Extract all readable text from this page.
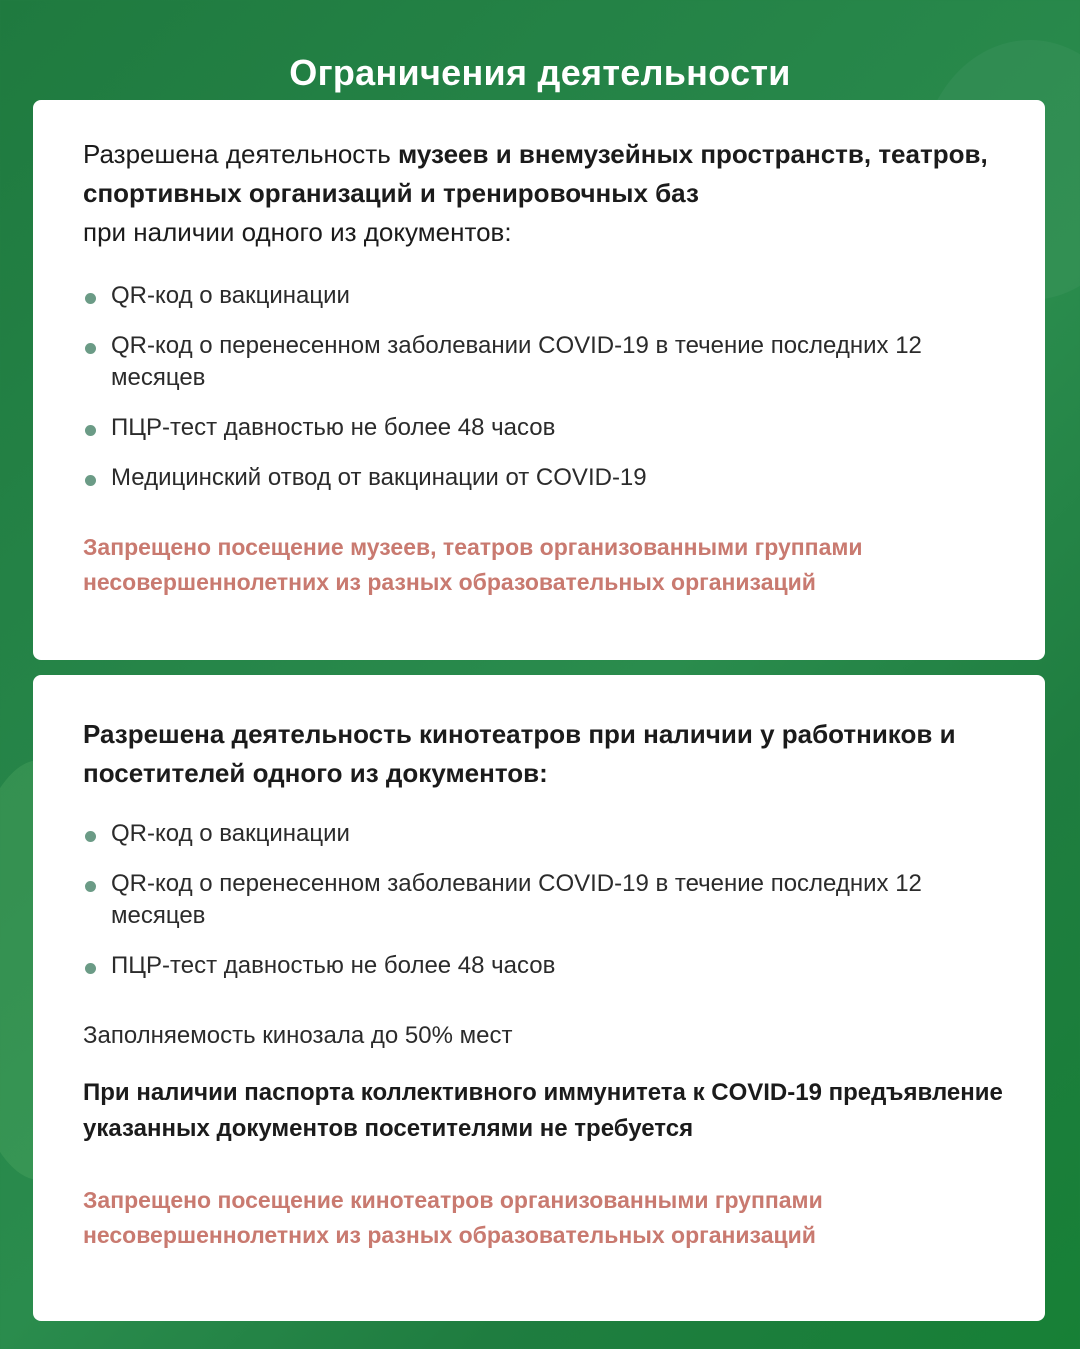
Ограничения деятельности

Разрешена деятельность музеев и внемузейных пространств, театров, спортивных организаций и тренировочных баз
при наличии одного из документов:

QR-код о вакцинации
QR-код о перенесенном заболевании COVID-19 в течение последних 12 месяцев
ПЦР-тест давностью не более 48 часов
Медицинский отвод от вакцинации от COVID-19

Запрещено посещение музеев, театров организованными группами несовершеннолетних из разных образовательных организаций

Разрешена деятельность кинотеатров при наличии у работников и посетителей одного из документов:

QR-код о вакцинации
QR-код о перенесенном заболевании COVID-19 в течение последних 12 месяцев
ПЦР-тест давностью не более 48 часов

Заполняемость кинозала до 50% мест

При наличии паспорта коллективного иммунитета к COVID-19 предъявление указанных документов посетителями не требуется

Запрещено посещение кинотеатров организованными группами несовершеннолетних из разных образовательных организаций
